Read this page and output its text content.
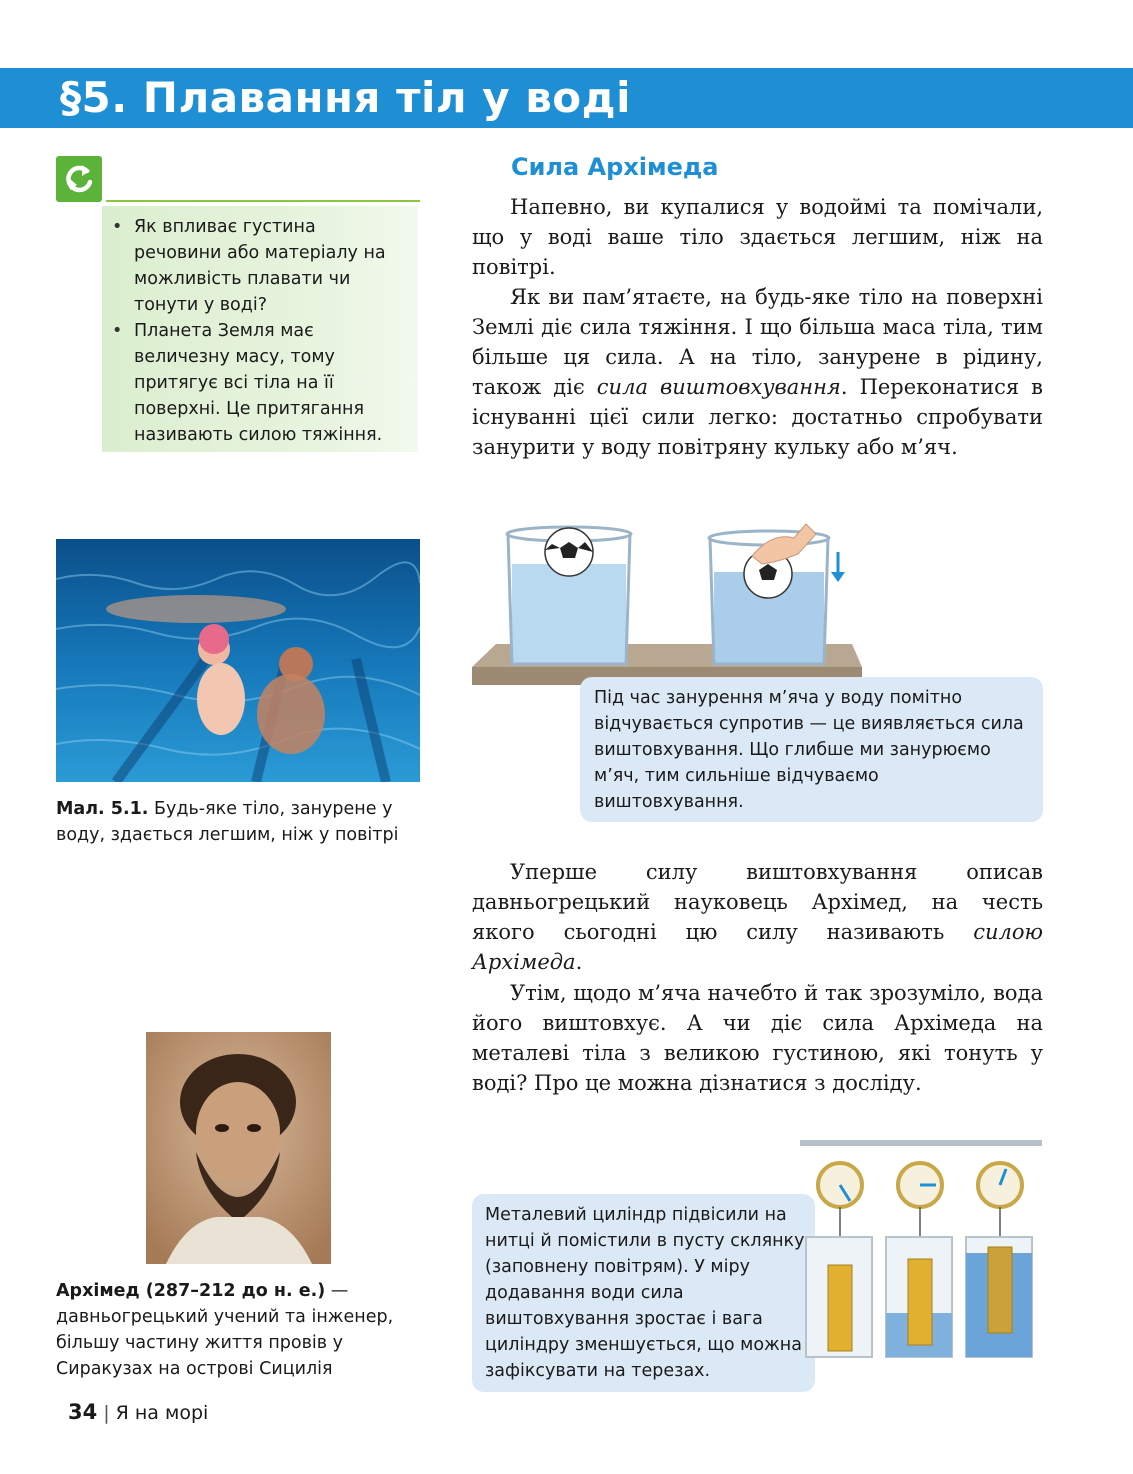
§5. Плавання тіл у воді
• Як впливає густина речовини або матеріалу на можливість плавати чи тонути у воді?
• Планета Земля має величезну масу, тому притягує всі тіла на її поверхні. Це притягання називають силою тяжіння.
Сила Архімеда

Напевно, ви купалися у водоймі та помічали, що у воді ваше тіло здається легшим, ніж на повітрі.

Як ви пам’ятаєте, на будь-яке тіло на поверхні Землі діє сила тяжіння. І що більша маса тіла, тим більше ця сила. А на тіло, занурене в рідину, також діє сила виштовхування. Переконатися в існуванні цієї сили легко: достатньо спробувати занурити у воду повітряну кульку або м’яч.

Мал. 5.1. Будь-яке тіло, занурене у воду, здається легшим, ніж у повітрі

Під час занурення м’яча у воду помітно відчувається супротив — це виявляється сила виштовхування. Що глибше ми занурюємо м’яч, тим сильніше відчуваємо виштовхування.

Уперше силу виштовхування описав давньогрецький науковець Архімед, на честь якого сьогодні цю силу називають силою Архімеда.

Утім, щодо м’яча начебто й так зрозуміло, вода його виштовхує. А чи діє сила Архімеда на металеві тіла з великою густиною, які тонуть у воді? Про це можна дізнатися з досліду.

Архімед (287–212 до н. е.) — давньогрецький учений та інженер, більшу частину життя провів у Сиракузах на острові Сицилія

Металевий циліндр підвісили на нитці й помістили в пусту склянку (заповнену повітрям). У міру додавання води сила виштовхування зростає і вага циліндру зменшується, що можна зафіксувати на терезах.
34 | Я на морі
